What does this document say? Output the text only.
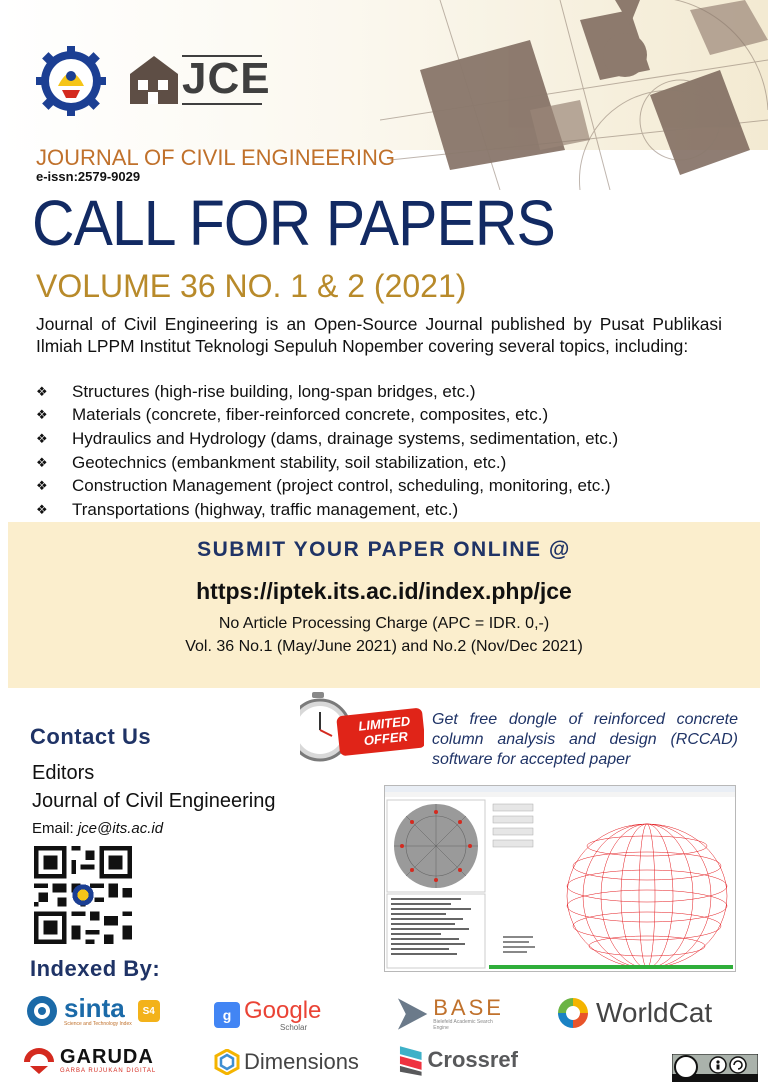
JCE
JOURNAL OF CIVIL ENGINEERING
e-issn:2579-9029
CALL FOR PAPERS
VOLUME 36 NO. 1 & 2 (2021)

Journal of Civil Engineering is an Open-Source Journal published by Pusat Publikasi Ilmiah LPPM Institut Teknologi Sepuluh Nopember covering several topics, including:

❖	Structures (high-rise building, long-span bridges, etc.)
❖	Materials (concrete, fiber-reinforced concrete, composites, etc.)
❖	Hydraulics and Hydrology (dams, drainage systems, sedimentation, etc.)
❖	Geotechnics (embankment stability, soil stabilization, etc.)
❖	Construction Management (project control, scheduling, monitoring, etc.)
❖	Transportations (highway, traffic management, etc.)
SUBMIT YOUR PAPER ONLINE @
https://iptek.its.ac.id/index.php/jce
No Article Processing Charge (APC = IDR. 0,-)
Vol. 36 No.1 (May/June 2021) and No.2 (Nov/Dec 2021)
Contact Us
Editors
Journal of Civil Engineering
Email: jce@its.ac.id
Indexed By:
LIMITED
OFFER
Get free dongle of reinforced concrete column analysis and design (RCCAD) software for accepted paper
sinta
Science and Technology Index
S4	g Google
Scholar
BASE
Bielefeld Academic Search Engine	WorldCat
GARUDA
GARBA RUJUKAN DIGITAL	Dimensions	Crossref
